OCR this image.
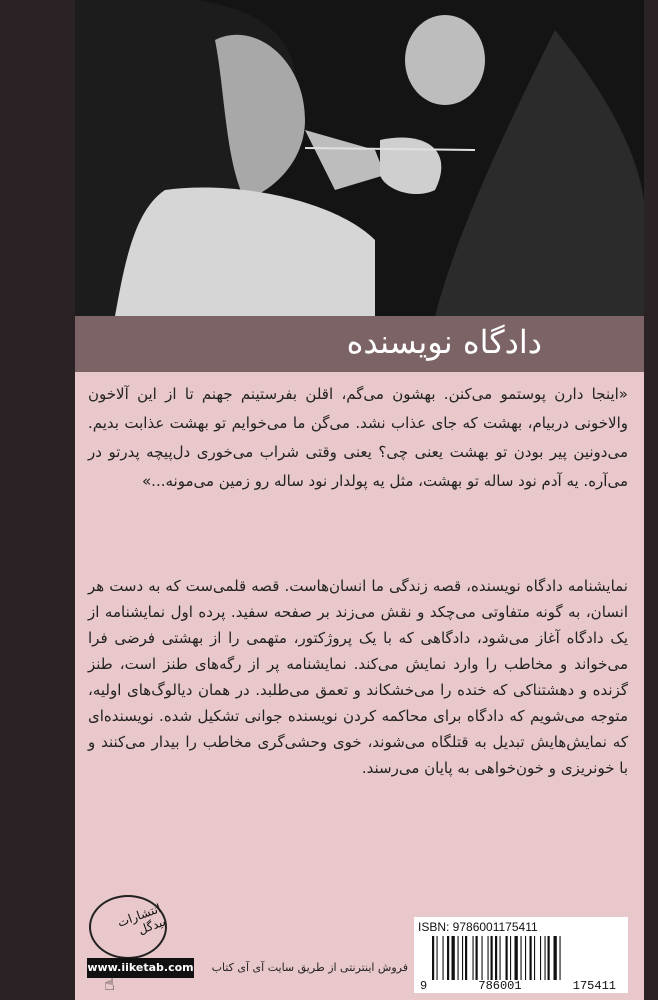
دادگاه نویسنده

«اینجا دارن پوستمو می‌کنن. بهشون می‌گم، اقلن بفرستینم جهنم تا از این آلاخون والاخونی دربیام، بهشت که جای عذاب نشد. می‌گن ما می‌خوایم تو بهشت عذابت بدیم. می‌دونین پیر بودن تو بهشت یعنی چی؟ یعنی وقتی شراب می‌خوری دل‌پیچه پدرتو در می‌آره. یه آدم نود ساله تو بهشت، مثل یه پولدار نود ساله رو زمین می‌مونه...»

نمایشنامه دادگاه نویسنده، قصه زندگی ما انسان‌هاست. قصه قلمی‌ست که به دست هر انسان، به گونه متفاوتی می‌چکد و نقش می‌زند بر صفحه سفید. پرده اول نمایشنامه از یک دادگاه آغاز می‌شود، دادگاهی که با یک پروژکتور، متهمی را از بهشتی فرضی فرا می‌خواند و مخاطب را وارد نمایش می‌کند. نمایشنامه پر از رگه‌های طنز است، طنز گزنده و دهشتناکی که خنده را می‌خشکاند و تعمق می‌طلبد. در همان دیالوگ‌های اولیه، متوجه می‌شویم که دادگاه برای محاکمه کردن نویسنده جوانی تشکیل شده. نویسنده‌ای که نمایش‌هایش تبدیل به قتلگاه می‌شوند، خوی وحشی‌گری مخاطب را بیدار می‌کنند و با خونریزی و خون‌خواهی به پایان می‌رسند.

انتشارات بیدگل
www.iiketab.com
☝
فروش اینترنتی از طریق سایت آی آی کتاب
ISBN: 9786001175411
9	786001	175411
